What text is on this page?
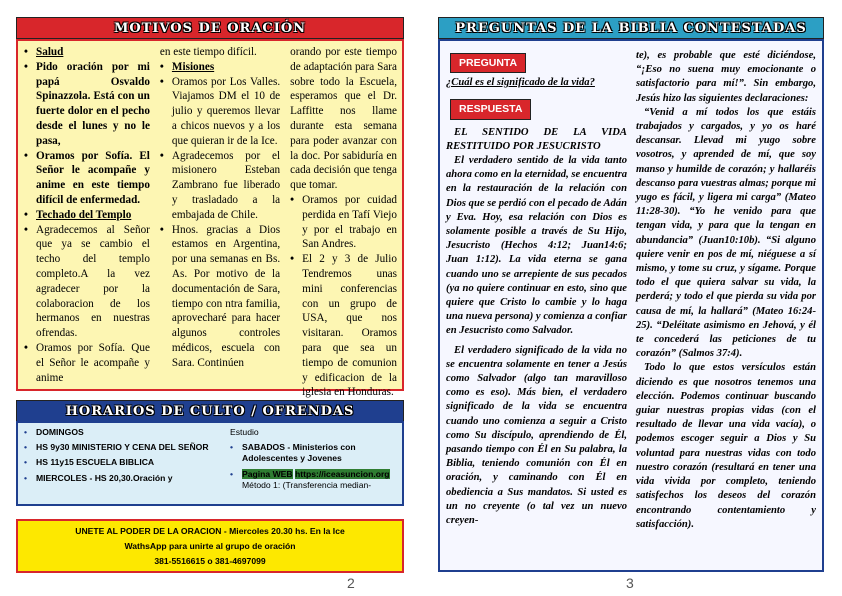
MOTIVOS DE ORACIÓN
• Salud
• Pido oración por mi papá Osvaldo Spinazzola. Está con un fuerte dolor en el pecho desde el lunes y no le pasa,
• Oramos por Sofía. El Señor le acompañe y anime en este tiempo difícil de enfermedad.
• Techado del Templo
• Agradecemos al Señor que ya se cambio el techo del templo completo.A la vez agradecer por la colaboracion de los hermanos en nuestras ofrendas.
• Oramos por Sofía. Que el Señor le acompañe y anime

en este tiempo difícil.

• Misiones
• Oramos por Los Valles. Viajamos DM el 10 de julio y queremos llevar a chicos nuevos y a los que quieran ir de la Ice.
• Agradecemos por el misionero Esteban Zambrano fue liberado y trasladado a la embajada de Chile.
• Hnos. gracias a Dios estamos en Argentina, por una semanas en Bs. As. Por motivo de la documentación de Sara, tiempo con ntra familia, aprovecharé para hacer algunos controles médicos, escuela con Sara. Continúen

orando por este tiempo de adaptación para Sara sobre todo la Escuela, esperamos que el Dr. Laffitte nos llame durante esta semana para poder avanzar con la doc. Por sabiduría en cada decisión que tenga que tomar.

• Oramos por cuidad perdida en Tafí Viejo y por el trabajo en San Andres.
• El 2 y 3 de Julio Tendremos unas mini conferencias con un grupo de USA, que nos visitaran. Oramos para que sea un tiempo de comunion y edificacion de la iglesia en Honduras.
HORARIOS DE CULTO / OFRENDAS
•	DOMINGOS
•	HS 9y30 MINISTERIO Y CENA DEL SEÑOR
•	HS 11y15 ESCUELA BIBLICA
•	MIERCOLES - HS 20,30.Oración y
Estudio
•	SABADOS - Ministerios con Adolescentes y Jovenes
•	Pagina WEB https://iceasuncion.org Método 1: (Transferencia median-
UNETE AL PODER DE LA ORACION - Miercoles 20.30 hs. En la Ice
WathsApp para unirte al grupo de oración
381-5516615 o 381-4697099
2
PREGUNTAS DE LA BIBLIA CONTESTADAS
PREGUNTA
¿Cuál es el significado de la vida?
RESPUESTA

EL SENTIDO DE LA VIDA RESTITUIDO POR JESUCRISTO

El verdadero sentido de la vida tanto ahora como en la eternidad, se encuentra en la restauración de la relación con Dios que se perdió con el pecado de Adán y Eva. Hoy, esa relación con Dios es solamente posible a través de Su Hijo, Jesucristo (Hechos 4:12; Juan14:6; Juan 1:12). La vida eterna se gana cuando uno se arrepiente de sus pecados (ya no quiere continuar en esto, sino que quiere que Cristo lo cambie y lo haga una nueva persona) y comienza a confiar en Jesucristo como Salvador.

El verdadero significado de la vida no se encuentra solamente en tener a Jesús como Salvador (algo tan maravilloso como es eso). Más bien, el verdadero significado de la vida se encuentra cuando uno comienza a seguir a Cristo como Su discípulo, aprendiendo de Él, pasando tiempo con Él en Su palabra, la Biblia, teniendo comunión con Él en oración, y caminando con Él en obediencia a Sus mandatos. Si usted es un no creyente (o tal vez un nuevo creyen-

te), es probable que esté diciéndose, “¡Eso no suena muy emocionante o satisfactorio para mí!”. Sin embargo, Jesús hizo las siguientes declaraciones:

“Venid a mí todos los que estáis trabajados y cargados, y yo os haré descansar. Llevad mi yugo sobre vosotros, y aprended de mí, que soy manso y humilde de corazón; y hallaréis descanso para vuestras almas; porque mi yugo es fácil, y ligera mi carga” (Mateo 11:28-30). “Yo he venido para que tengan vida, y para que la tengan en abundancia” (Juan10:10b). “Si alguno quiere venir en pos de mí, niéguese a sí mismo, y tome su cruz, y sígame. Porque todo el que quiera salvar su vida, la perderá; y todo el que pierda su vida por causa de mí, la hallará” (Mateo 16:24-25). “Deléitate asimismo en Jehová, y él te concederá las peticiones de tu corazón” (Salmos 37:4).

Todo lo que estos versículos están diciendo es que nosotros tenemos una elección. Podemos continuar buscando guiar nuestras propias vidas (con el resultado de llevar una vida vacía), o podemos escoger seguir a Dios y Su voluntad para nuestras vidas con todo nuestro corazón (resultará en tener una vida vivida por completo, teniendo satisfechos los deseos del corazón encontrando contentamiento y satisfacción).

3
